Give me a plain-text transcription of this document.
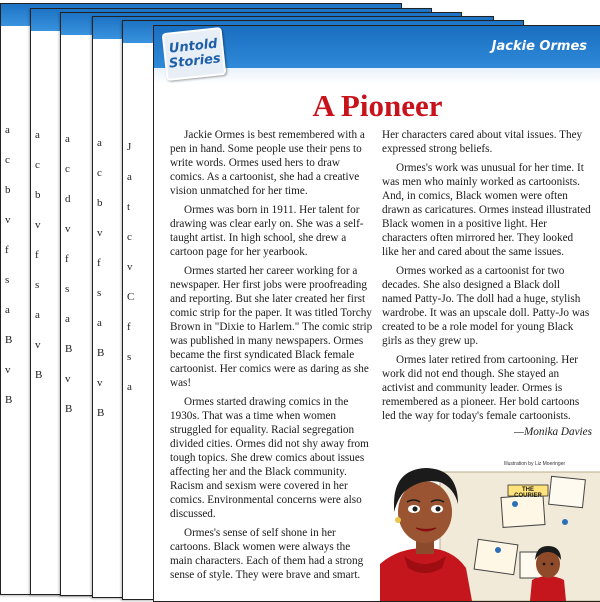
a
c
b
v
f
s
a
B
v
B
a
c
b
v
f
s
a
v
B
a
c
d
v
f
s
a
B
v
B
a
c
b
v
f
s
a
B
v
B
J
a
t
c
v
C
f
s
a
Untold
Stories
Jackie Ormes
A Pioneer

Jackie Ormes is best remembered with a pen in hand. Some people use their pens to write words. Ormes used hers to draw comics. As a cartoonist, she had a creative vision unmatched for her time.

Ormes was born in 1911. Her talent for drawing was clear early on. She was a self-taught artist. In high school, she drew a cartoon page for her yearbook.

Ormes started her career working for a newspaper. Her first jobs were proofreading and reporting. But she later created her first comic strip for the paper. It was titled Torchy Brown in "Dixie to Harlem." The comic strip was published in many newspapers. Ormes became the first syndicated Black female cartoonist. Her comics were as daring as she was!

Ormes started drawing comics in the 1930s. That was a time when women struggled for equality. Racial segregation divided cities. Ormes did not shy away from tough topics. She drew comics about issues affecting her and the Black community. Racism and sexism were covered in her comics. Environmental concerns were also discussed.

Ormes's sense of self shone in her cartoons. Black women were always the main characters. Each of them had a strong sense of style. They were brave and smart.

Her characters cared about vital issues. They expressed strong beliefs.

Ormes's work was unusual for her time. It was men who mainly worked as cartoonists. And, in comics, Black women were often drawn as caricatures. Ormes instead illustrated Black women in a positive light. Her characters often mirrored her. They looked like her and cared about the same issues.

Ormes worked as a cartoonist for two decades. She also designed a Black doll named Patty-Jo. The doll had a huge, stylish wardrobe. It was an upscale doll. Patty-Jo was created to be a role model for young Black girls as they grew up.

Ormes later retired from cartooning. Her work did not end though. She stayed an activist and community leader. Ormes is remembered as a pioneer. Her bold cartoons led the way for today's female cartoonists.

—Monika Davies
Illustration by Liz Moeringer
THE COURIER
